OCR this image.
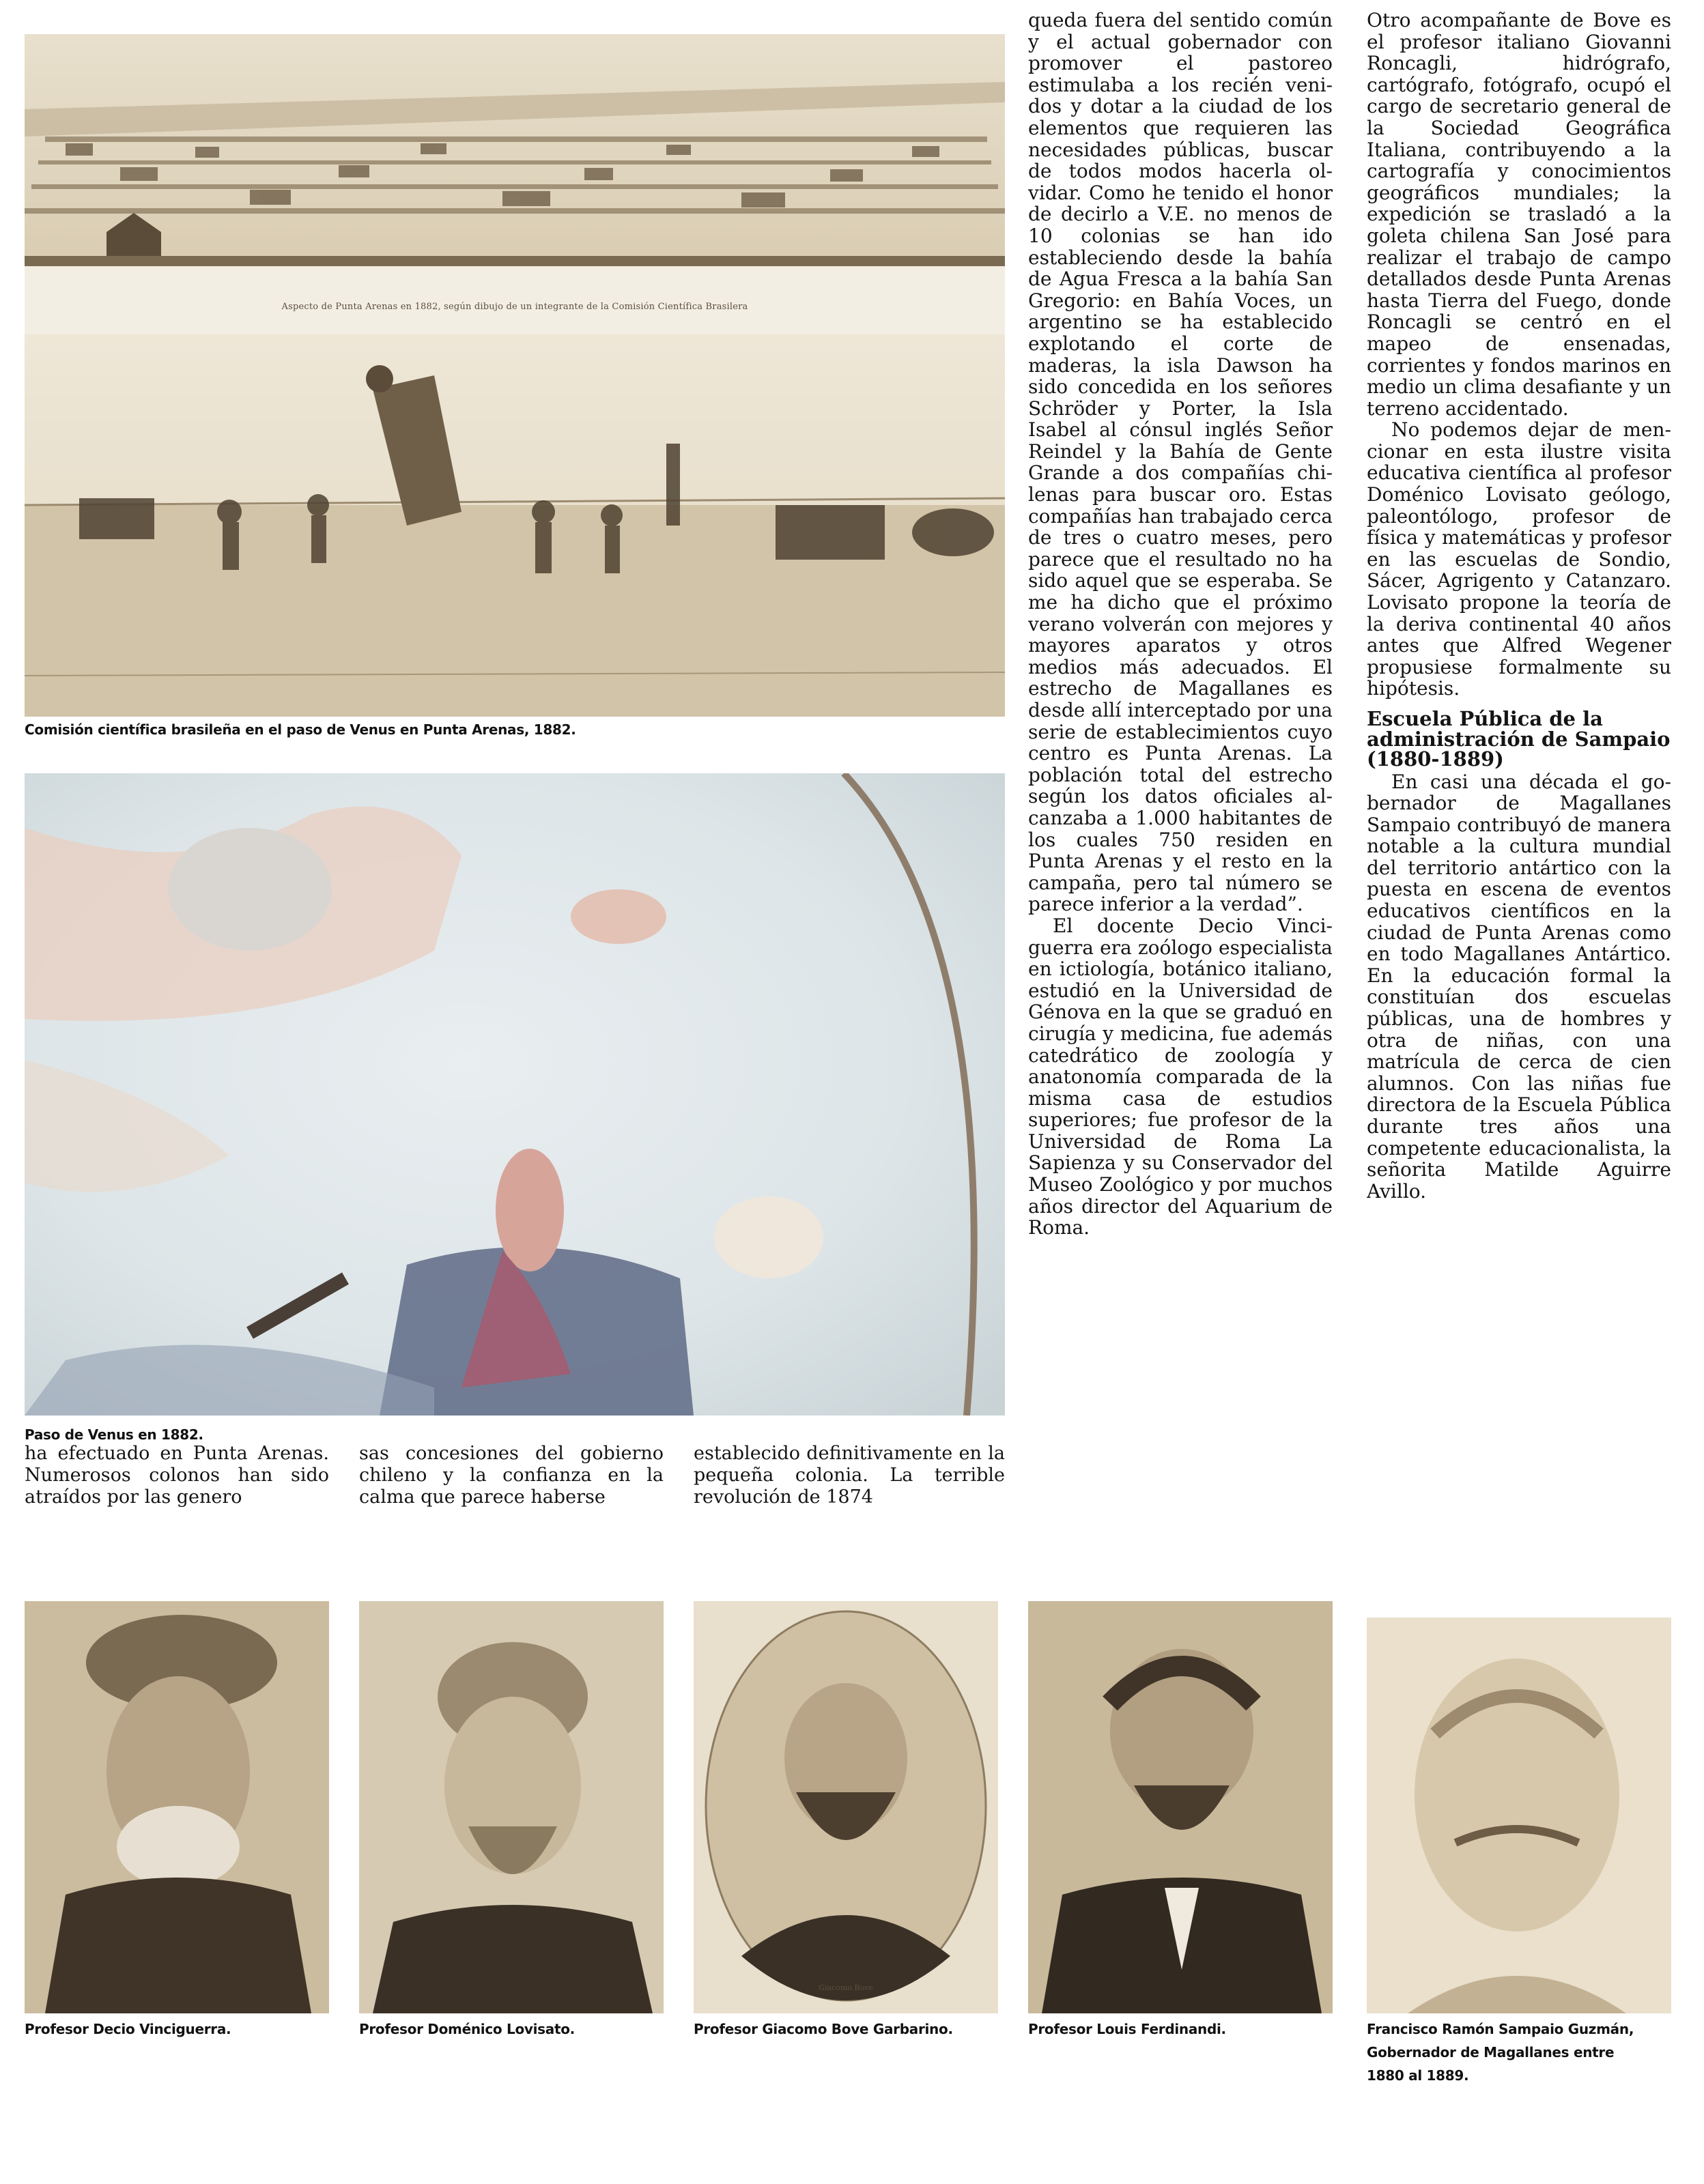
Aspecto de Punta Arenas en 1882, según dibujo de un integrante de la Comisión Científica Brasilera
Comisión científica brasileña en el paso de Venus en Punta Arenas, 1882.
Paso de Venus en 1882.
ha efectuado en Punta Arenas. Numerosos colonos han sido atraídos por las genero
sas concesiones del gobierno chileno y la confianza en la calma que parece haberse
establecido definitivamente en la pequeña colonia. La terrible revolución de 1874

queda fuera del sentido común y el actual gobernador con promover el pastoreo estimulaba a los recién venidos y dotar a la ciudad de los elementos que requieren las necesidades públicas, buscar de todos modos hacerla olvidar. Como he tenido el honor de decirlo a V.E. no menos de 10 colonias se han ido estableciendo desde la bahía de Agua Fresca a la bahía San Gregorio: en Bahía Voces, un argentino se ha establecido explotando el corte de maderas, la isla Dawson ha sido concedida en los señores Schröder y Porter, la Isla Isabel al cónsul inglés Señor Reindel y la Bahía de Gente Grande a dos compañías chilenas para buscar oro. Estas compañías han trabajado cerca de tres o cuatro meses, pero parece que el resultado no ha sido aquel que se esperaba. Se me ha dicho que el próximo verano volverán con mejores y mayores aparatos y otros medios más adecuados. El estrecho de Magallanes es desde allí interceptado por una serie de establecimientos cuyo centro es Punta Arenas. La población total del estrecho según los datos oficiales alcanzaba a 1.000 habitantes de los cuales 750 residen en Punta Arenas y el resto en la campaña, pero tal número se parece inferior a la verdad”.

El docente Decio Vinciguerra era zoólogo especialista en ictiología, botánico italiano, estudió en la Universidad de Génova en la que se graduó en cirugía y medicina, fue además catedrático de zoología y anatonomía comparada de la misma casa de estudios superiores; fue profesor de la Universidad de Roma La Sapienza y su Conservador del Museo Zoológico y por muchos años director del Aquarium de Roma.

Otro acompañante de Bove es el profesor italiano Giovanni Roncagli, hidrógrafo, cartógrafo, fotógrafo, ocupó el cargo de secretario general de la Sociedad Geográfica Italiana, contribuyendo a la cartografía y conocimientos geográficos mundiales; la expedición se trasladó a la goleta chilena San José para realizar el trabajo de campo detallados desde Punta Arenas hasta Tierra del Fuego, donde Roncagli se centró en el mapeo de ensenadas, corrientes y fondos marinos en medio un clima desafiante y un terreno accidentado.

No podemos dejar de mencionar en esta ilustre visita educativa científica al profesor Doménico Lovisato geólogo, paleontólogo, profesor de física y matemáticas y profesor en las escuelas de Sondio, Sácer, Agrigento y Catanzaro. Lovisato propone la teoría de la deriva continental 40 años antes que Alfred Wegener propusiese formalmente su hipótesis.

Escuela Pública de la administración de Sampaio (1880-1889)

En casi una década el gobernador de Magallanes Sampaio contribuyó de manera notable a la cultura mundial del territorio antártico con la puesta en escena de eventos educativos científicos en la ciudad de Punta Arenas como en todo Magallanes Antártico. En la educación formal la constituían dos escuelas públicas, una de hombres y otra de niñas, con una matrícula de cerca de cien alumnos. Con las niñas fue directora de la Escuela Pública durante tres años una competente educacionalista, la señorita Matilde Aguirre Avillo.

Giacomo Bove
Profesor Decio Vinciguerra.	Profesor Doménico Lovisato.	Profesor Giacomo Bove Garbarino.	Profesor Louis Ferdinandi.	Francisco Ramón Sampaio Guzmán, Gobernador de Magallanes entre 1880 al 1889.
